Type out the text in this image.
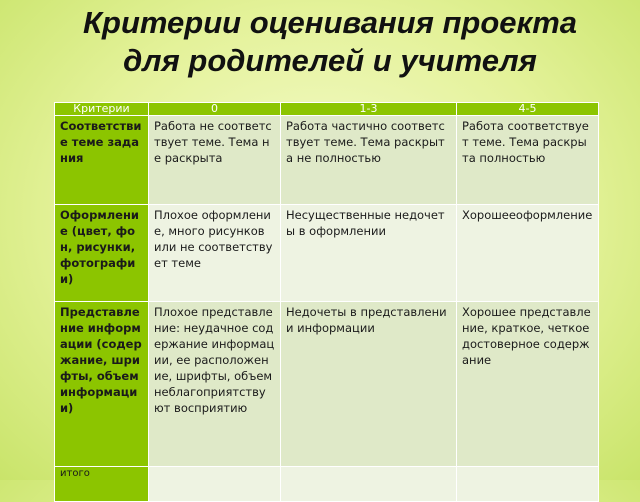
Критерии оценивания проекта для родителей и учителя
Критерии	0	1-3	4-5
Соответствие теме задания	Работа не соответствует теме. Тема не раскрыта	Работа частично соответствует теме. Тема раскрыта не полностью	Работа соответствует теме. Тема раскрыта полностью
Оформление (цвет, фон, рисунки, фотографии)	Плохое оформление, много рисунков или не соответствует теме	Несущественные недочеты в оформлении	Хорошееоформление
Представление информации (содержание, шрифты, объем информации)	Плохое представление: неудачное содержание информации, ее расположение, шрифты, объем неблагоприятствуют восприятию	Недочеты в представлении информации	Хорошее представление, краткое, четкое достоверное содержание
итого			
